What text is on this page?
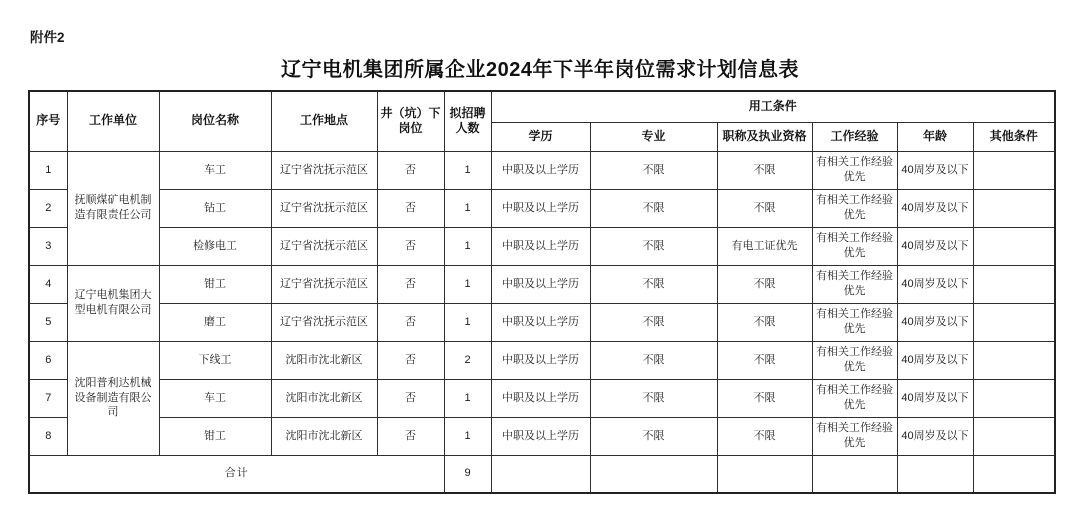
附件2
辽宁电机集团所属企业2024年下半年岗位需求计划信息表
序号	工作单位	岗位名称	工作地点	井（坑）下岗位	拟招聘人数	用工条件					
						学历	专业	职称及执业资格	工作经验	年龄	其他条件
1	抚顺煤矿电机制造有限责任公司	车工	辽宁省沈抚示范区	否	1	中职及以上学历	不限	不限	有相关工作经验优先	40周岁及以下	
2		钻工	辽宁省沈抚示范区	否	1	中职及以上学历	不限	不限	有相关工作经验优先	40周岁及以下	
3		检修电工	辽宁省沈抚示范区	否	1	中职及以上学历	不限	有电工证优先	有相关工作经验优先	40周岁及以下	
4	辽宁电机集团大型电机有限公司	钳工	辽宁省沈抚示范区	否	1	中职及以上学历	不限	不限	有相关工作经验优先	40周岁及以下	
5		磨工	辽宁省沈抚示范区	否	1	中职及以上学历	不限	不限	有相关工作经验优先	40周岁及以下	
6	沈阳普利达机械设备制造有限公司	下线工	沈阳市沈北新区	否	2	中职及以上学历	不限	不限	有相关工作经验优先	40周岁及以下	
7		车工	沈阳市沈北新区	否	1	中职及以上学历	不限	不限	有相关工作经验优先	40周岁及以下	
8		钳工	沈阳市沈北新区	否	1	中职及以上学历	不限	不限	有相关工作经验优先	40周岁及以下	
合计					9						
